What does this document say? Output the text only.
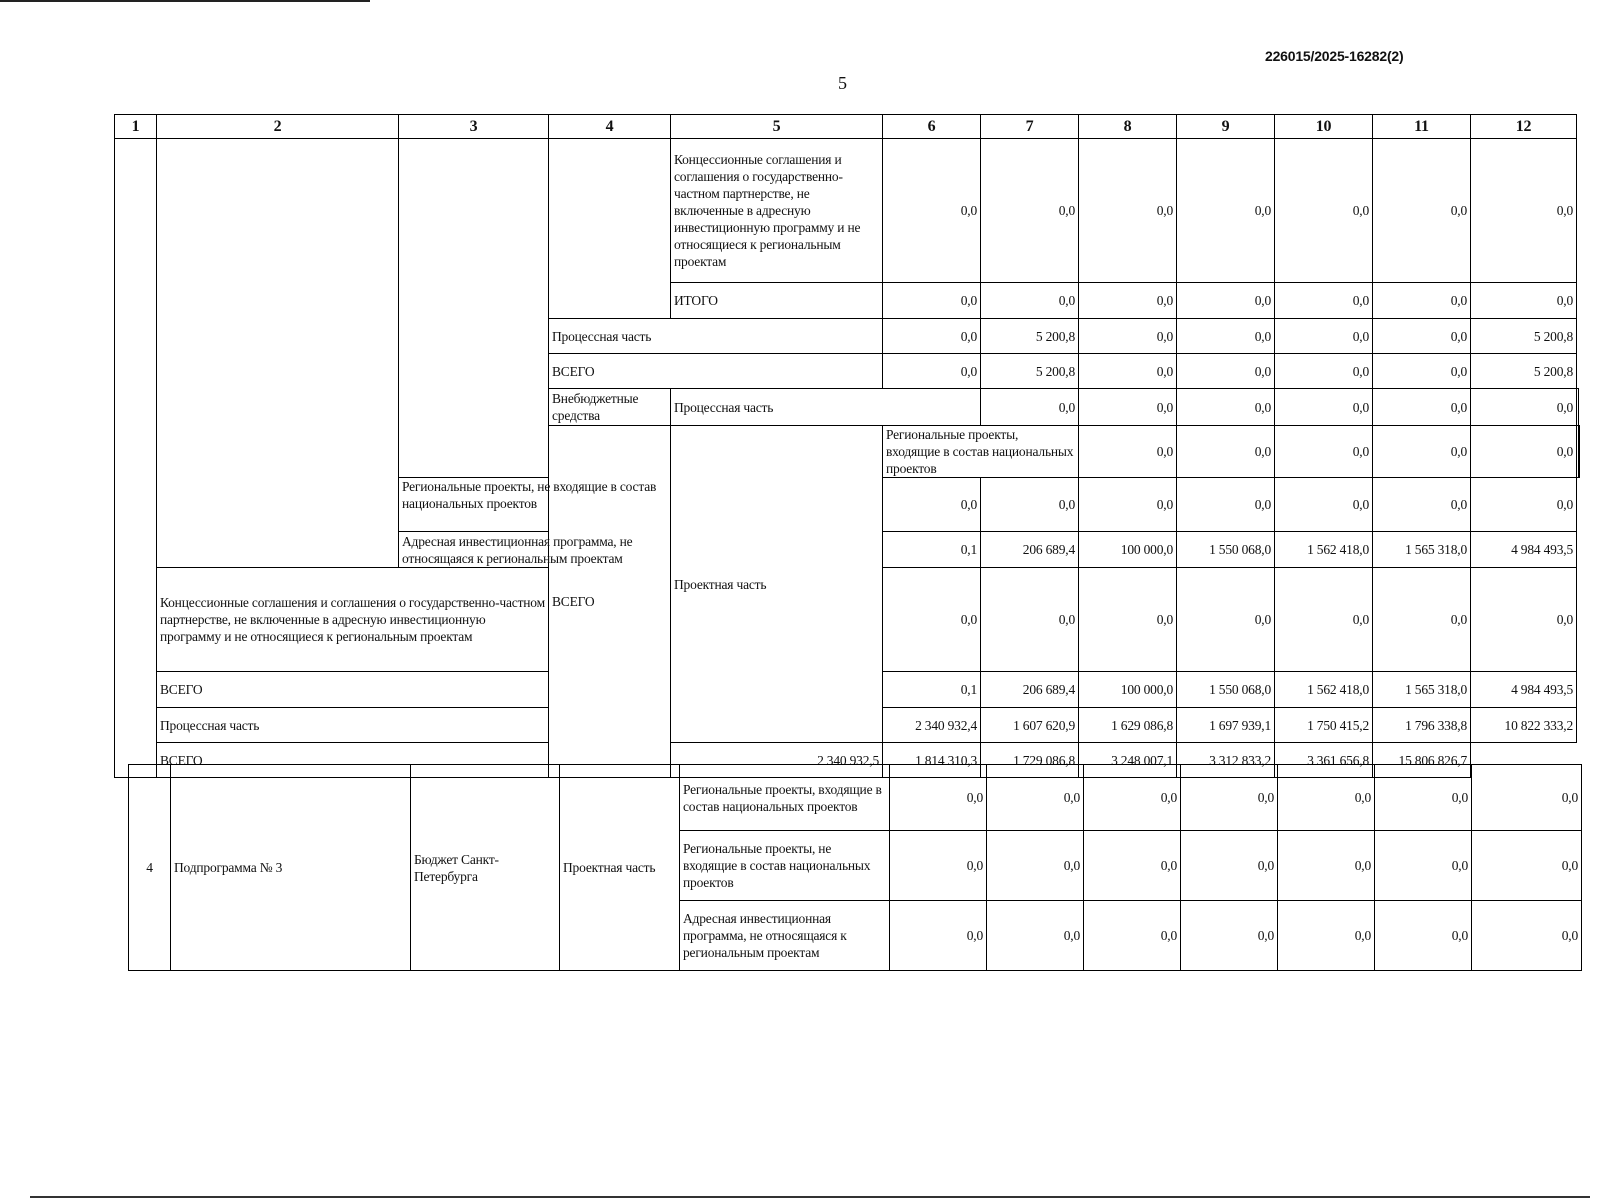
226015/2025-16282(2)
5
1	2	3	4	5	6	7	8	9	10	11	12		
				Концессионные соглашения и соглашения о государственно-частном партнерстве, не включенные в адресную инвестиционную программу и не относящиеся к региональным проектам	0,0	0,0	0,0	0,0	0,0	0,0	0,0		
				ИТОГО	0,0	0,0	0,0	0,0	0,0	0,0	0,0		
			Процессная часть		0,0	5 200,8	0,0	0,0	0,0	0,0	5 200,8		
			ВСЕГО		0,0	5 200,8	0,0	0,0	0,0	0,0	5 200,8		
			Внебюджетные средства	Процессная часть		0,0	0,0	0,0	0,0	0,0	0,0	
			ВСЕГО	Проектная часть	Региональные проекты, входящие в состав национальных проектов		0,0	0,0	0,0	0,0	0,0		
		Региональные проекты, не входящие в состав национальных проектов			0,0	0,0	0,0	0,0	0,0	0,0	0,0		
		Адресная инвестиционная программа, не относящаяся к региональным проектам			0,1	206 689,4	100 000,0	1 550 068,0	1 562 418,0	1 565 318,0	4 984 493,5		
	Концессионные соглашения и соглашения о государственно-частном партнерстве, не включенные в адресную инвестиционную программу и не относящиеся к региональным проектам				0,0	0,0	0,0	0,0	0,0	0,0	0,0		
	ВСЕГО				0,1	206 689,4	100 000,0	1 550 068,0	1 562 418,0	1 565 318,0	4 984 493,5		
	Процессная часть				2 340 932,4	1 607 620,9	1 629 086,8	1 697 939,1	1 750 415,2	1 796 338,8	10 822 333,2		
	ВСЕГО			2 340 932,5	1 814 310,3	1 729 086,8	3 248 007,1	3 312 833,2	3 361 656,8	15 806 826,7			
4	Подпрограмма № 3	Бюджет Санкт-Петербурга	Проектная часть	Региональные проекты, входящие в состав национальных проектов	0,0	0,0	0,0	0,0	0,0	0,0	0,0
				Региональные проекты, не входящие в состав национальных проектов	0,0	0,0	0,0	0,0	0,0	0,0	0,0
				Адресная инвестиционная программа, не относящаяся к региональным проектам	0,0	0,0	0,0	0,0	0,0	0,0	0,0
